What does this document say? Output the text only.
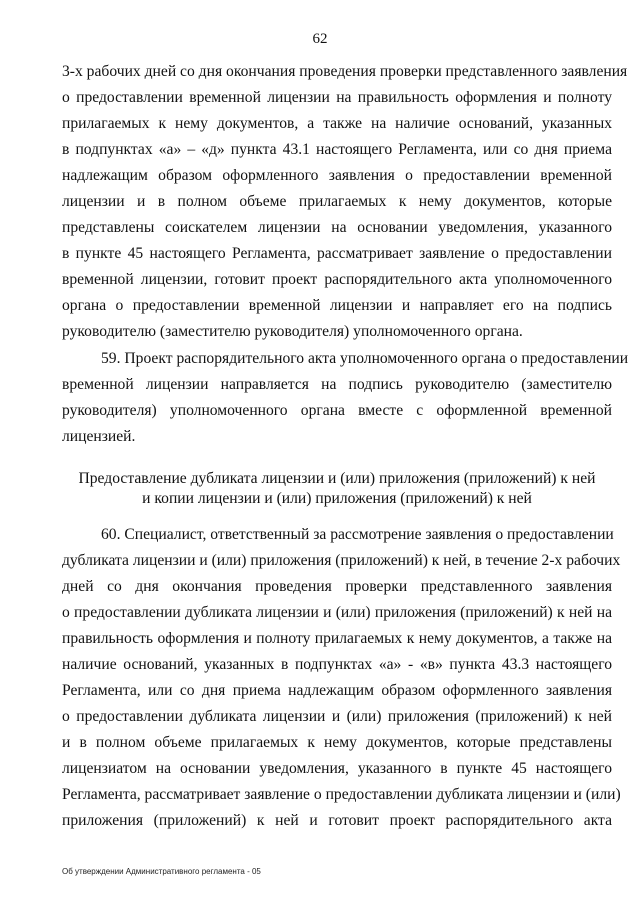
62
3-х рабочих дней со дня окончания проведения проверки представленного заявления
о предоставлении временной лицензии на правильность оформления и полноту
прилагаемых к нему документов, а также на наличие оснований, указанных
в подпунктах «а» – «д» пункта 43.1 настоящего Регламента, или со дня приема
надлежащим образом оформленного заявления о предоставлении временной
лицензии и в полном объеме прилагаемых к нему документов, которые
представлены соискателем лицензии на основании уведомления, указанного
в пункте 45 настоящего Регламента, рассматривает заявление о предоставлении
временной лицензии, готовит проект распорядительного акта уполномоченного
органа о предоставлении временной лицензии и направляет его на подпись
руководителю (заместителю руководителя) уполномоченного органа.
59. Проект распорядительного акта уполномоченного органа о предоставлении
временной лицензии направляется на подпись руководителю (заместителю
руководителя) уполномоченного органа вместе с оформленной временной
лицензией.
Предоставление дубликата лицензии и (или) приложения (приложений) к ней
и копии лицензии и (или) приложения (приложений) к ней
60. Специалист, ответственный за рассмотрение заявления о предоставлении
дубликата лицензии и (или) приложения (приложений) к ней, в течение 2-х рабочих
дней со дня окончания проведения проверки представленного заявления
о предоставлении дубликата лицензии и (или) приложения (приложений) к ней на
правильность оформления и полноту прилагаемых к нему документов, а также на
наличие оснований, указанных в подпунктах «а» - «в» пункта 43.3 настоящего
Регламента, или со дня приема надлежащим образом оформленного заявления
о предоставлении дубликата лицензии и (или) приложения (приложений) к ней
и в полном объеме прилагаемых к нему документов, которые представлены
лицензиатом на основании уведомления, указанного в пункте 45 настоящего
Регламента, рассматривает заявление о предоставлении дубликата лицензии и (или)
приложения (приложений) к ней и готовит проект распорядительного акта
Об утверждении Административного регламента - 05
